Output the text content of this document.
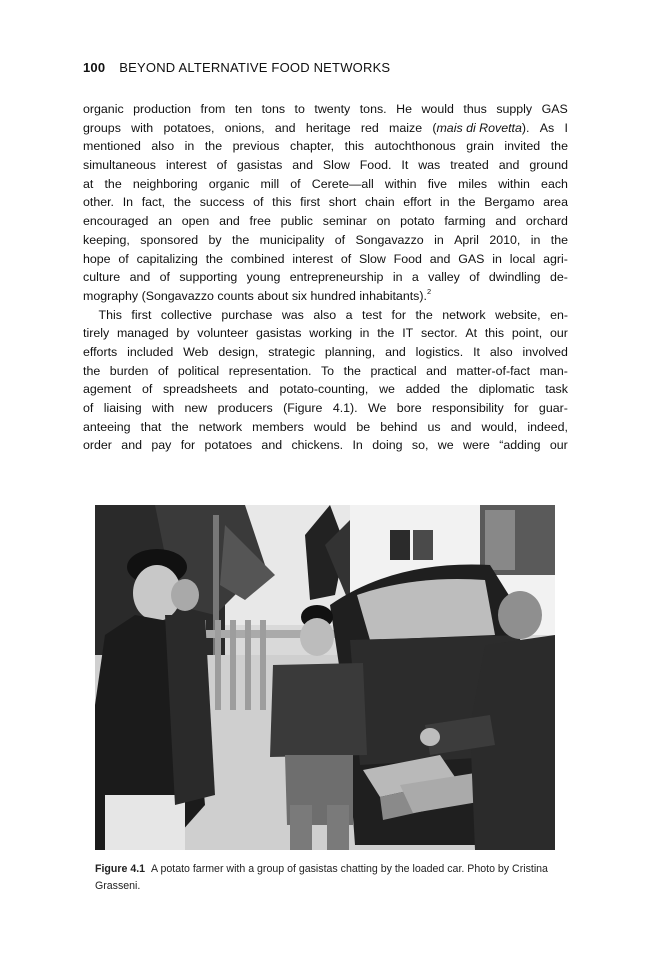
100 BEYOND ALTERNATIVE FOOD NETWORKS
organic production from ten tons to twenty tons. He would thus supply GAS
groups with potatoes, onions, and heritage red maize (mais di Rovetta). As I
mentioned also in the previous chapter, this autochthonous grain invited the
simultaneous interest of gasistas and Slow Food. It was treated and ground
at the neighboring organic mill of Cerete—all within five miles within each
other. In fact, the success of this first short chain effort in the Bergamo area
encouraged an open and free public seminar on potato farming and orchard
keeping, sponsored by the municipality of Songavazzo in April 2010, in the
hope of capitalizing the combined interest of Slow Food and GAS in local agri-
culture and of supporting young entrepreneurship in a valley of dwindling de-
mography (Songavazzo counts about six hundred inhabitants).$^2$
This first collective purchase was also a test for the network website, en-
tirely managed by volunteer gasistas working in the IT sector. At this point, our
efforts included Web design, strategic planning, and logistics. It also involved
the burden of political representation. To the practical and matter-of-fact man-
agement of spreadsheets and potato-counting, we added the diplomatic task
of liaising with new producers (Figure 4.1). We bore responsibility for guar-
anteeing that the network members would be behind us and would, indeed,
order and pay for potatoes and chickens. In doing so, we were “adding our
Figure 4.1 A potato farmer with a group of gasistas chatting by the loaded car. Photo by Cristina Grasseni.
